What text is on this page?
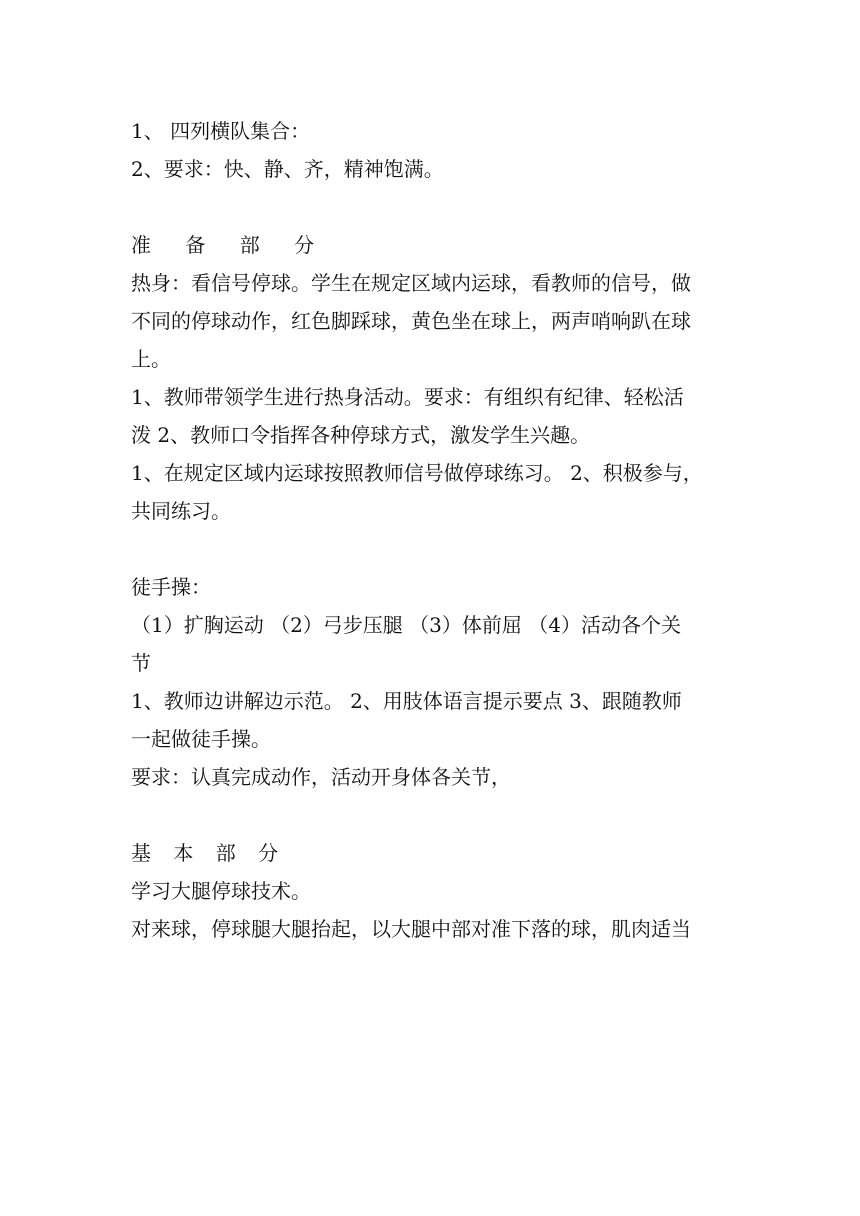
1、 四列横队集合：
2、要求：快、静、齐，精神饱满。
准 备 部 分
热身：看信号停球。学生在规定区域内运球，看教师的信号，做
不同的停球动作，红色脚踩球，黄色坐在球上，两声哨响趴在球
上。
1、教师带领学生进行热身活动。要求：有组织有纪律、轻松活
泼 2、教师口令指挥各种停球方式，激发学生兴趣。
1、在规定区域内运球按照教师信号做停球练习。 2、积极参与，
共同练习。
徒手操：
（1）扩胸运动 （2）弓步压腿 （3）体前屈 （4）活动各个关
节
1、教师边讲解边示范。 2、用肢体语言提示要点 3、跟随教师
一起做徒手操。
要求：认真完成动作，活动开身体各关节，
基 本 部 分
学习大腿停球技术。
对来球，停球腿大腿抬起，以大腿中部对准下落的球，肌肉适当
